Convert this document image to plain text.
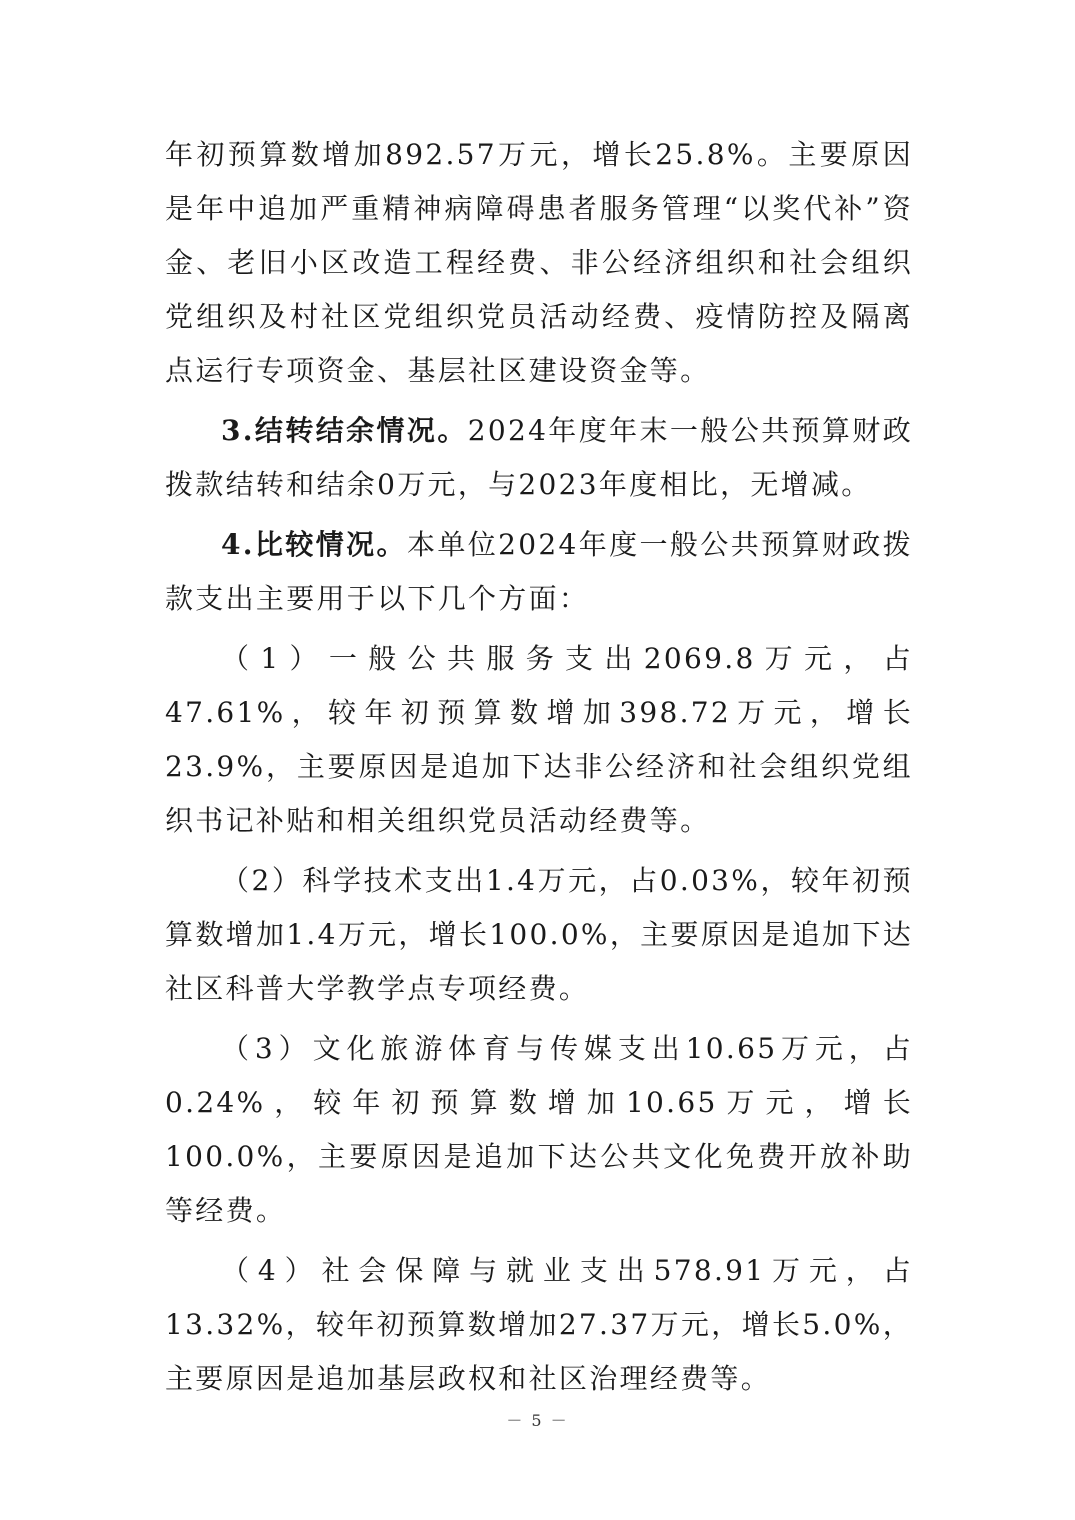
年初预算数增加892.57万元，增长25.8%。主要原因是年中追加严重精神病障碍患者服务管理“以奖代补”资金、老旧小区改造工程经费、非公经济组织和社会组织党组织及村社区党组织党员活动经费、疫情防控及隔离点运行专项资金、基层社区建设资金等。

3.结转结余情况。2024年度年末一般公共预算财政拨款结转和结余0万元，与2023年度相比，无增减。

4.比较情况。本单位2024年度一般公共预算财政拨款支出主要用于以下几个方面：

（1）一般公共服务支出2069.8万元，占47.61%，较年初预算数增加398.72万元，增长23.9%，主要原因是追加下达非公经济和社会组织党组织书记补贴和相关组织党员活动经费等。

（2）科学技术支出1.4万元，占0.03%，较年初预算数增加1.4万元，增长100.0%，主要原因是追加下达社区科普大学教学点专项经费。

（3）文化旅游体育与传媒支出10.65万元，占0.24%，较年初预算数增加10.65万元，增长100.0%，主要原因是追加下达公共文化免费开放补助等经费。

（4）社会保障与就业支出578.91万元，占13.32%，较年初预算数增加27.37万元，增长5.0%，主要原因是追加基层政权和社区治理经费等。

－ 5 －
